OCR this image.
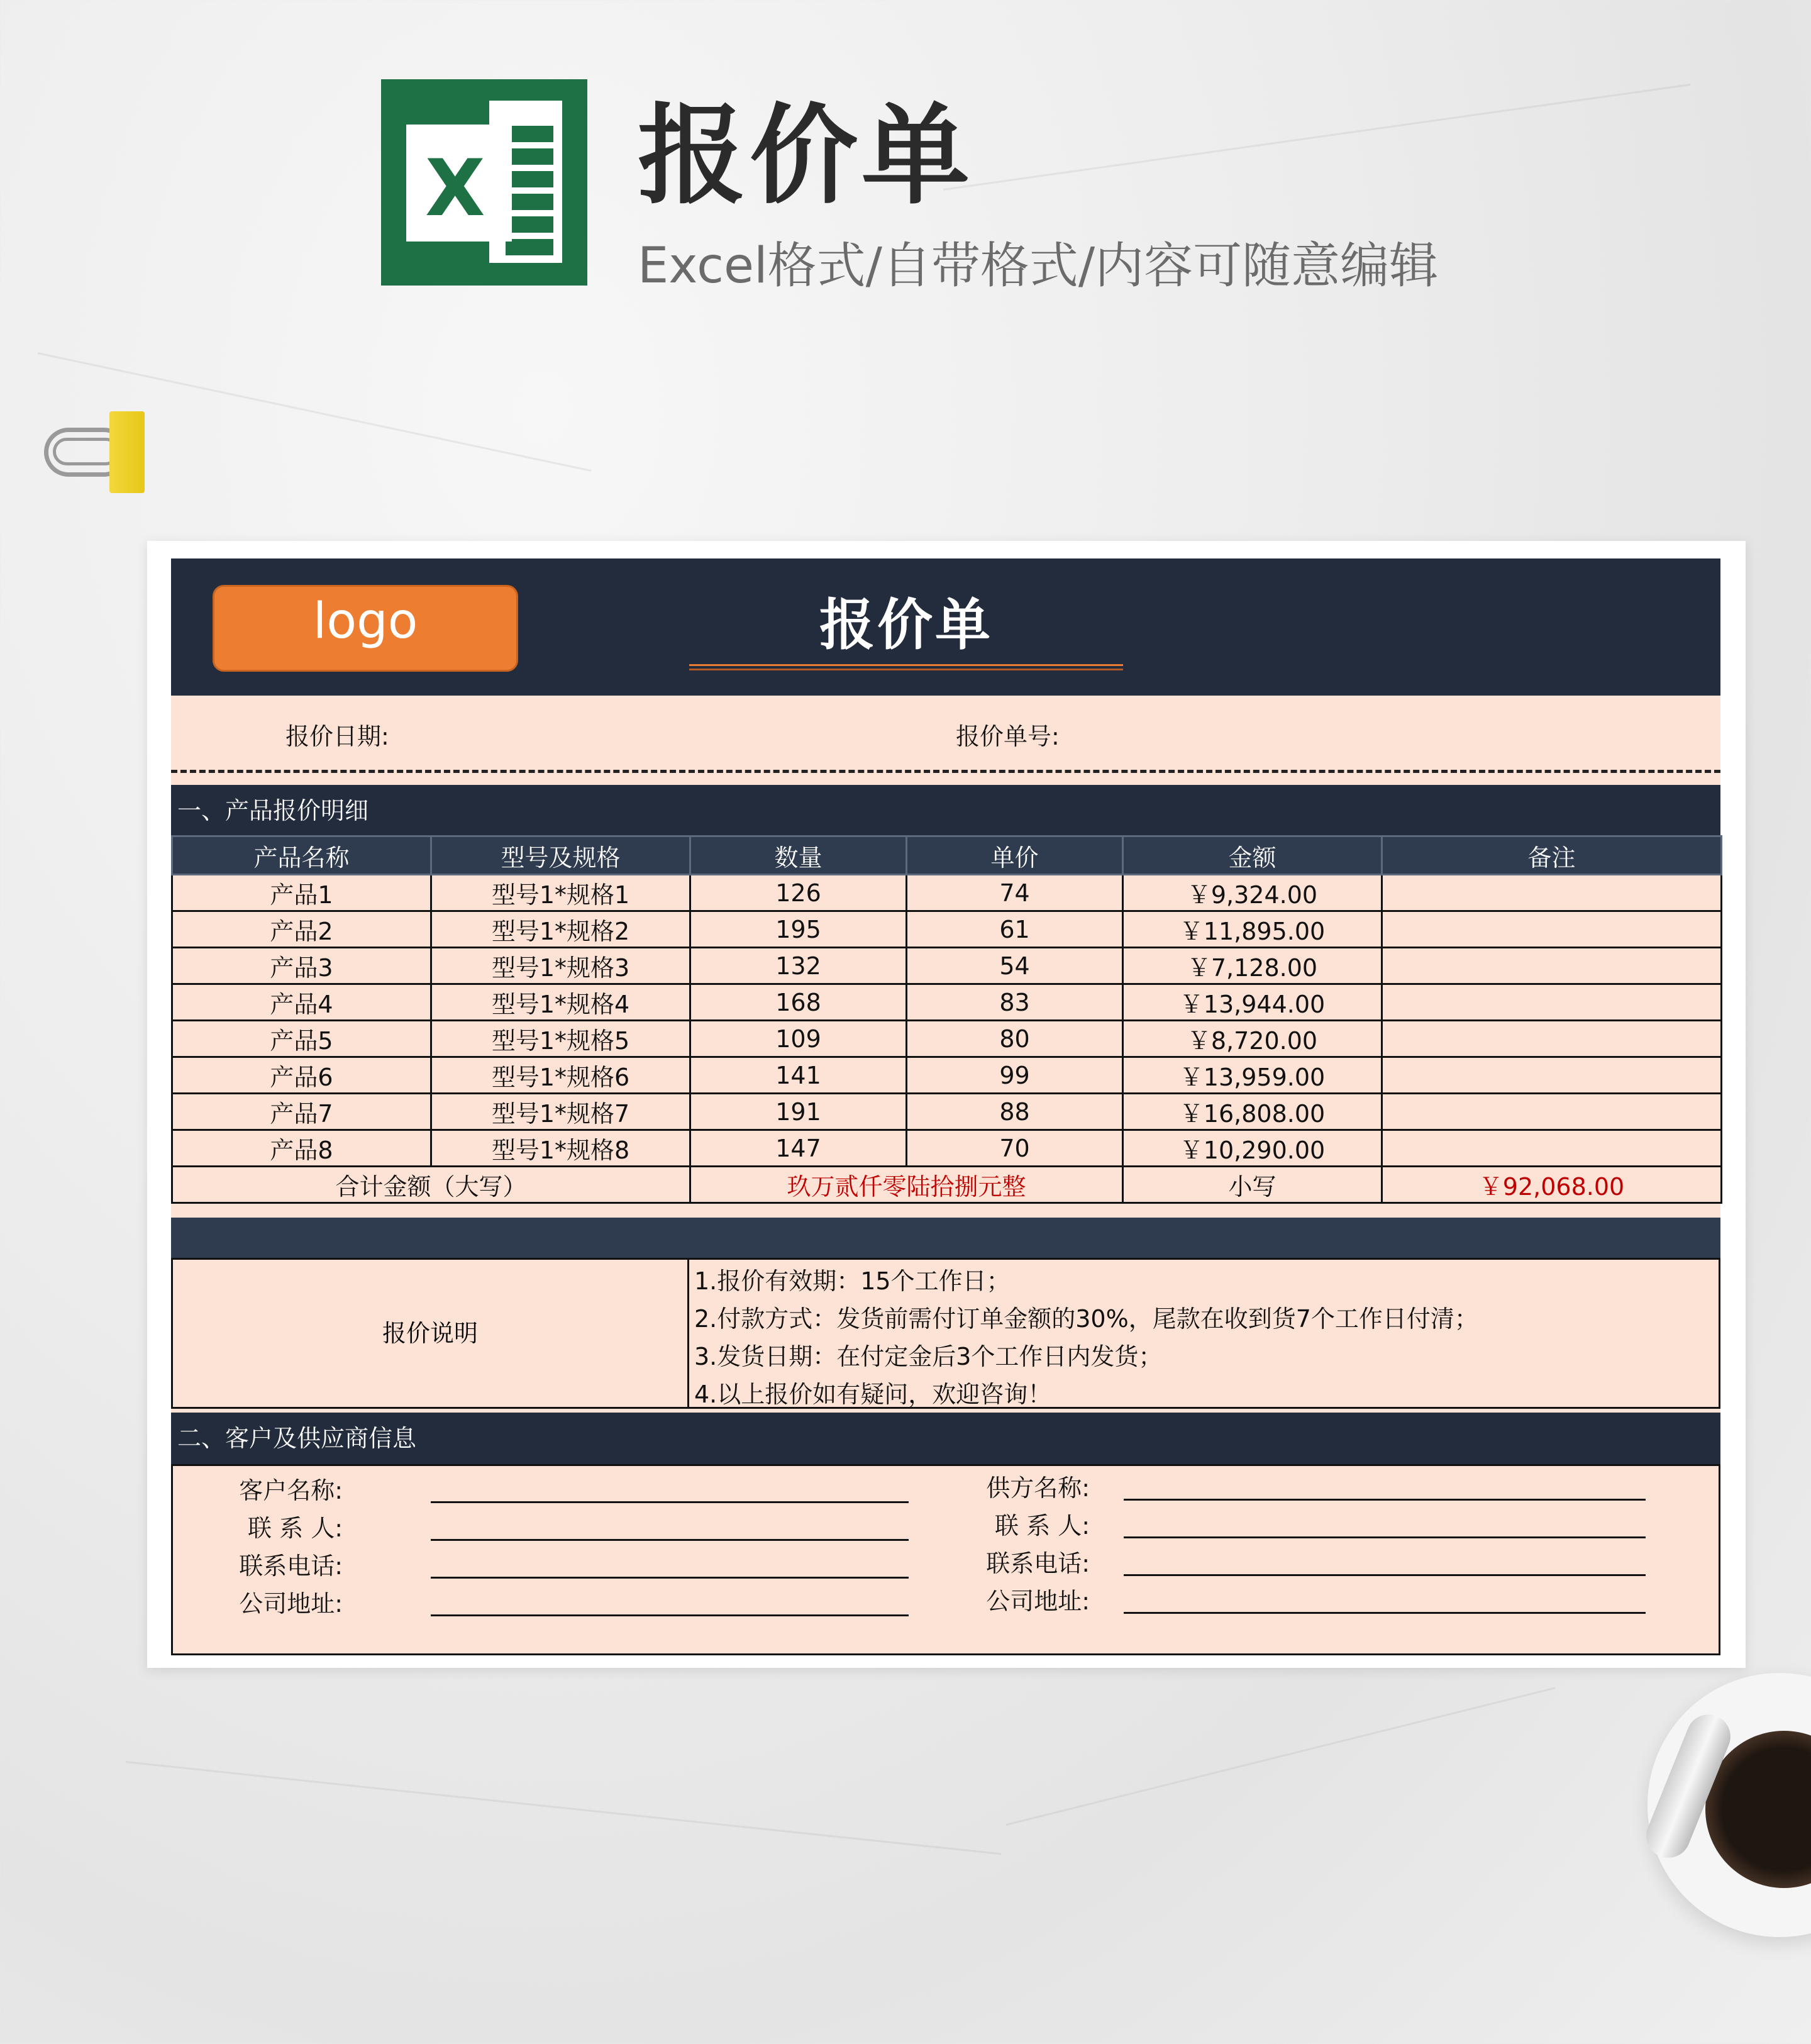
X 报价单
Excel格式/自带格式/内容可随意编辑
logo	报价单
报价日期:	报价单号:
一、产品报价明细
产品名称	型号及规格	数量	单价	金额	备注
产品1	型号1*规格1	126	74	￥9,324.00	
产品2	型号1*规格2	195	61	￥11,895.00	
产品3	型号1*规格3	132	54	￥7,128.00	
产品4	型号1*规格4	168	83	￥13,944.00	
产品5	型号1*规格5	109	80	￥8,720.00	
产品6	型号1*规格6	141	99	￥13,959.00	
产品7	型号1*规格7	191	88	￥16,808.00	
产品8	型号1*规格8	147	70	￥10,290.00	
合计金额（大写）		玖万贰仟零陆拾捌元整		小写	￥92,068.00
报价说明
1.报价有效期：15个工作日；
2.付款方式：发货前需付订单金额的30%，尾款在收到货7个工作日付清；
3.发货日期：在付定金后3个工作日内发货；
4.以上报价如有疑问，欢迎咨询！
二、客户及供应商信息
客户名称:
联 系 人:
联系电话:
公司地址:
供方名称:
联 系 人:
联系电话:
公司地址:
